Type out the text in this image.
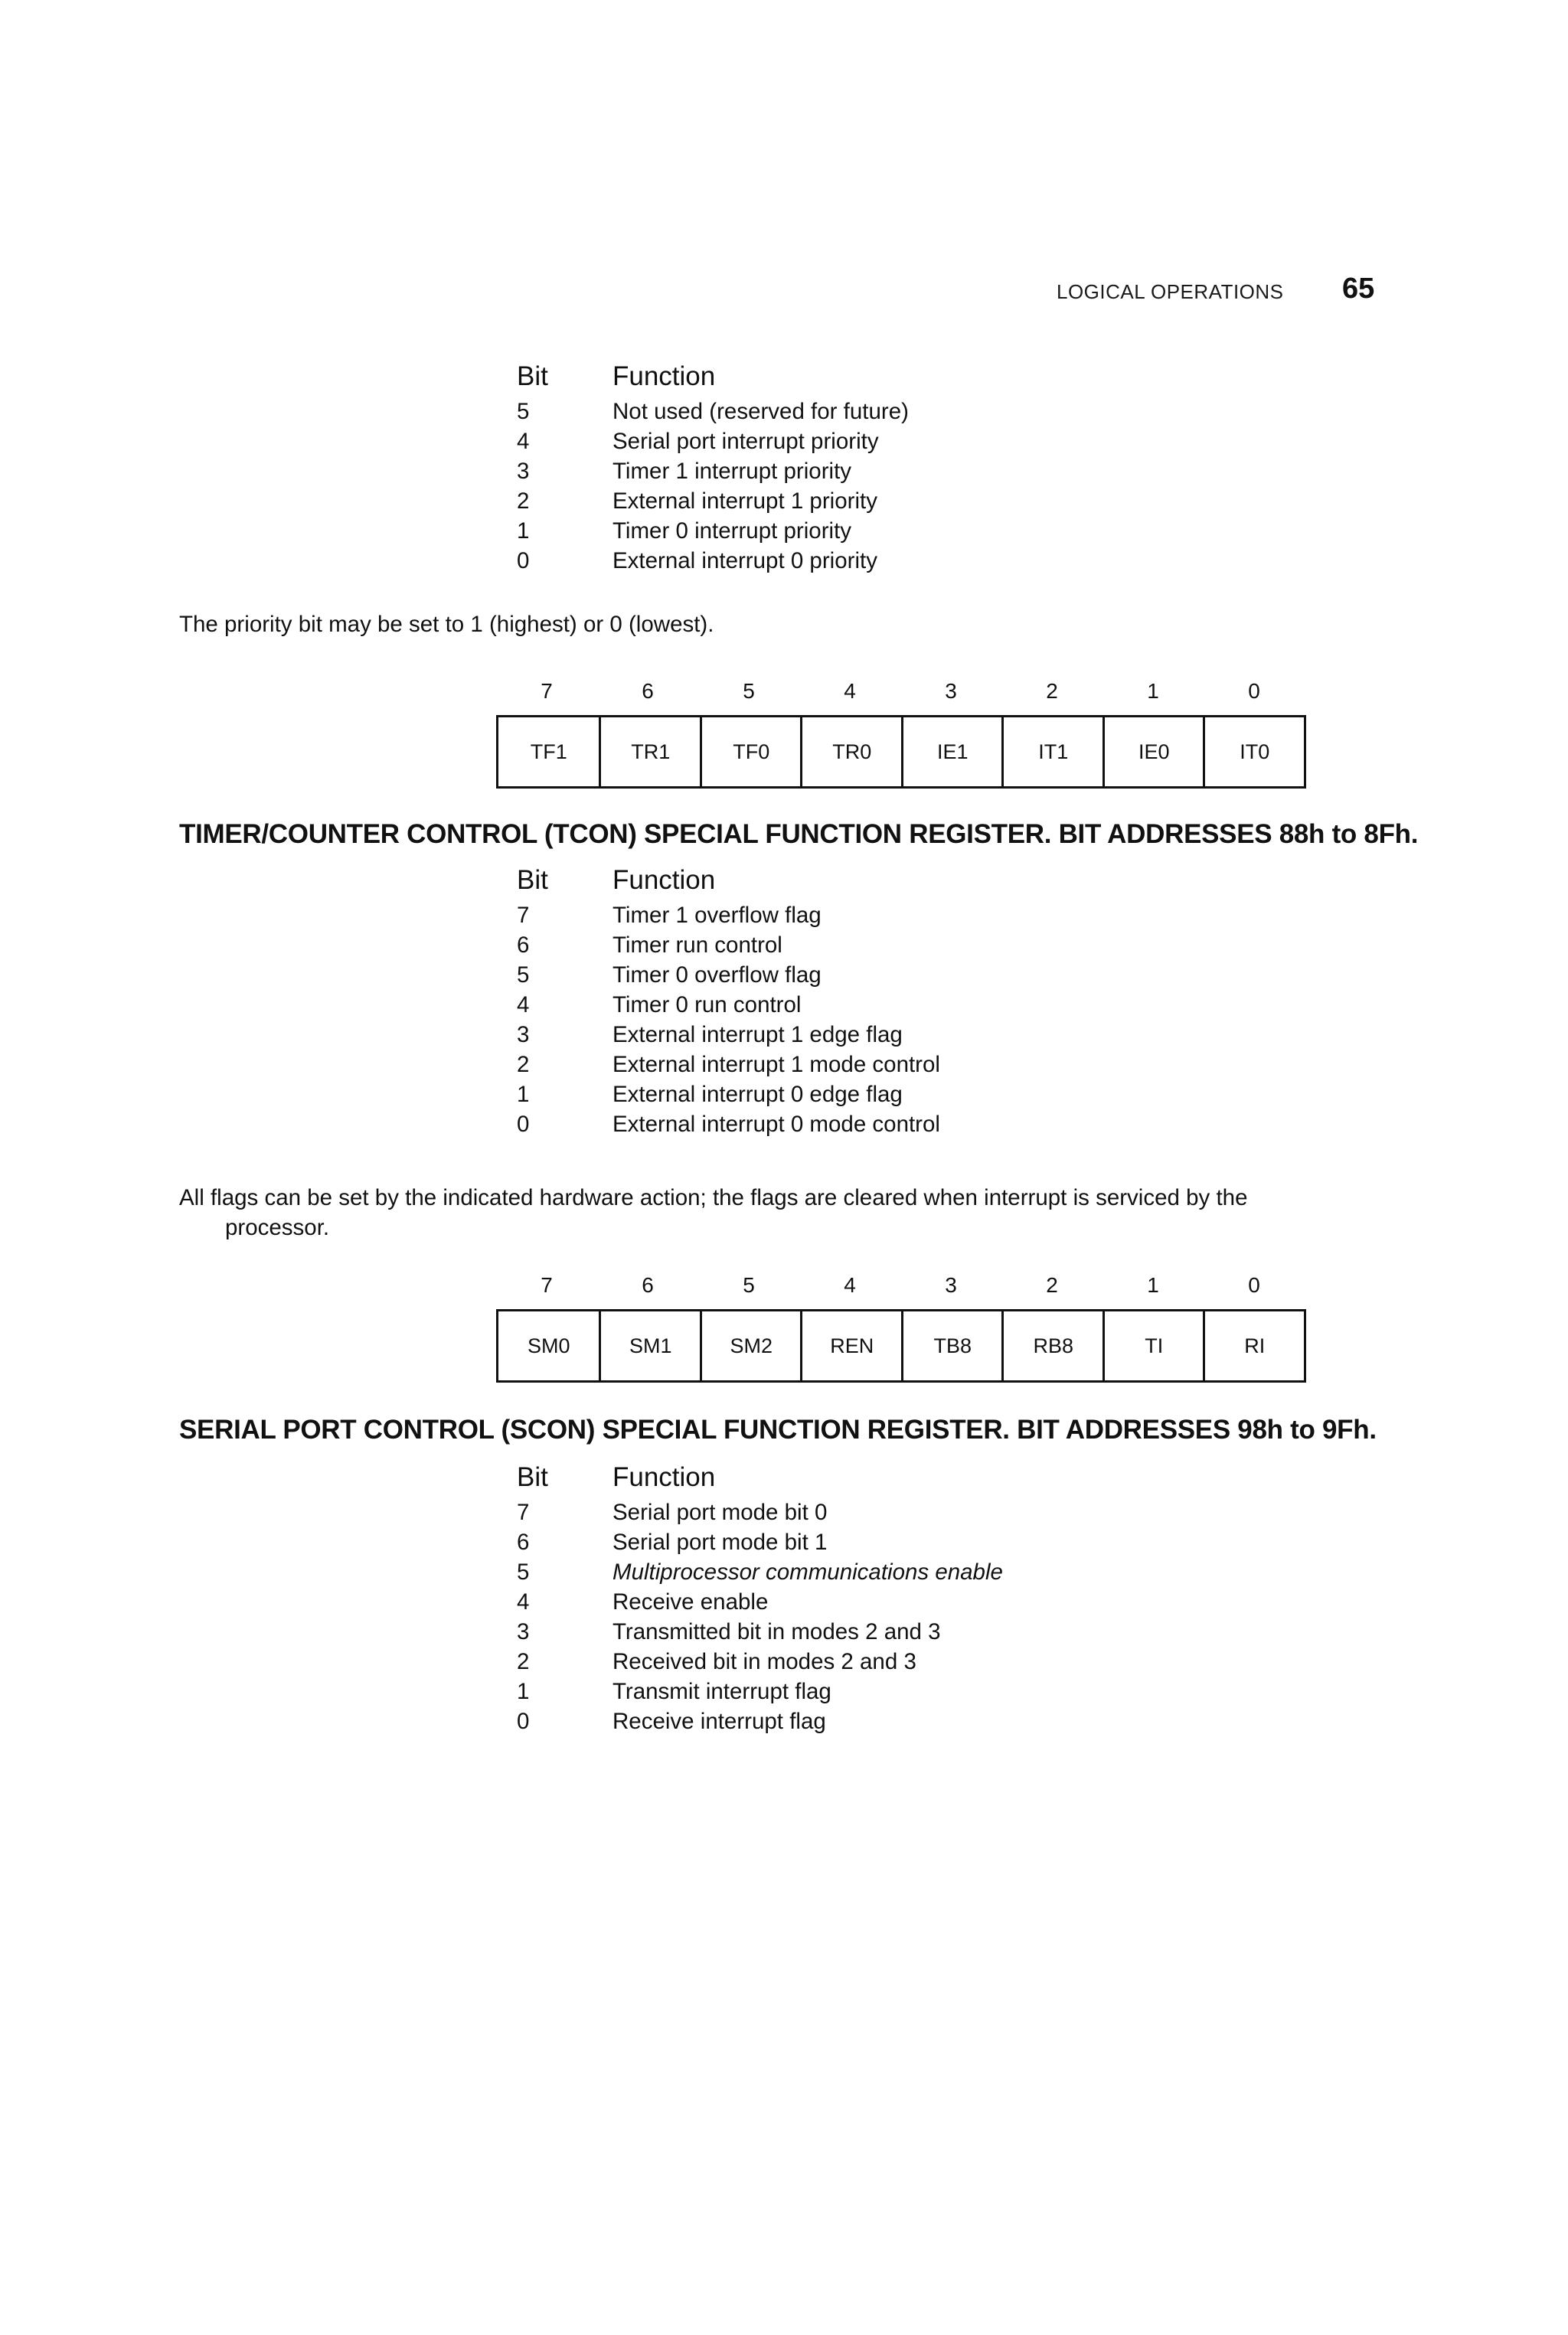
LOGICAL OPERATIONS 65
Bit	Function
5	Not used (reserved for future)
4	Serial port interrupt priority
3	Timer 1 interrupt priority
2	External interrupt 1 priority
1	Timer 0 interrupt priority
0	External interrupt 0 priority
The priority bit may be set to 1 (highest) or 0 (lowest).
7	6	5	4	3	2	1	0
TF1	TR1	TF0	TR0	IE1	IT1	IE0	IT0
TIMER/COUNTER CONTROL (TCON) SPECIAL FUNCTION REGISTER. BIT ADDRESSES 88h to 8Fh.
Bit	Function
7	Timer 1 overflow flag
6	Timer run control
5	Timer 0 overflow flag
4	Timer 0 run control
3	External interrupt 1 edge flag
2	External interrupt 1 mode control
1	External interrupt 0 edge flag
0	External interrupt 0 mode control
All flags can be set by the indicated hardware action; the flags are cleared when interrupt is serviced by the processor.
7	6	5	4	3	2	1	0
SM0	SM1	SM2	REN	TB8	RB8	TI	RI
SERIAL PORT CONTROL (SCON) SPECIAL FUNCTION REGISTER. BIT ADDRESSES 98h to 9Fh.
Bit	Function
7	Serial port mode bit 0
6	Serial port mode bit 1
5	Multiprocessor communications enable
4	Receive enable
3	Transmitted bit in modes 2 and 3
2	Received bit in modes 2 and 3
1	Transmit interrupt flag
0	Receive interrupt flag
